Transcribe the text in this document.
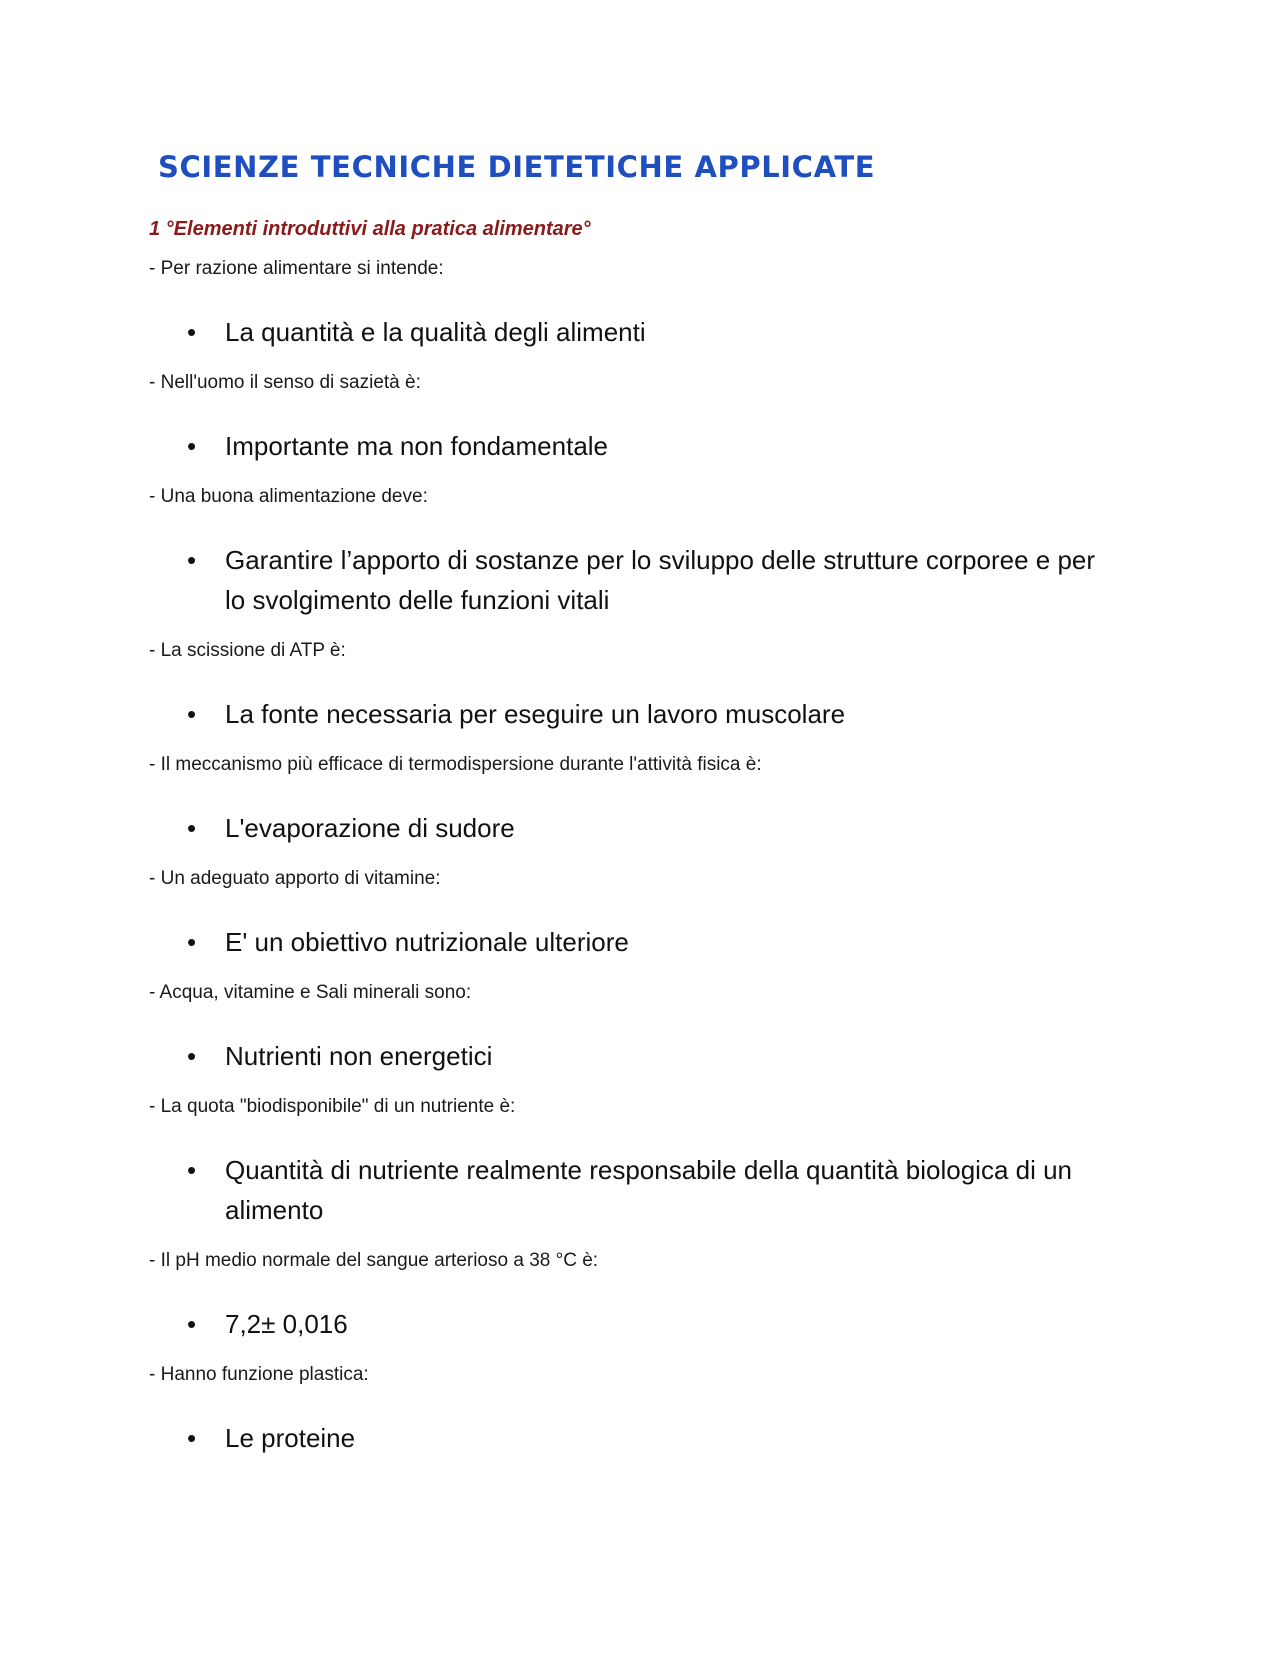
SCIENZE TECNICHE DIETETICHE APPLICATE
1 °Elementi introduttivi alla pratica alimentare°

- Per razione alimentare si intende:

• La quantità e la qualità degli alimenti

- Nell'uomo il senso di sazietà è:

• Importante ma non fondamentale

- Una buona alimentazione deve:

• Garantire l’apporto di sostanze per lo sviluppo delle strutture corporee e per lo svolgimento delle funzioni vitali

- La scissione di ATP è:

• La fonte necessaria per eseguire un lavoro muscolare

- Il meccanismo più efficace di termodispersione durante l'attività fisica è:

• L'evaporazione di sudore

- Un adeguato apporto di vitamine:

• E' un obiettivo nutrizionale ulteriore

- Acqua, vitamine e Sali minerali sono:

• Nutrienti non energetici

- La quota "biodisponibile" di un nutriente è:

• Quantità di nutriente realmente responsabile della quantità biologica di un alimento

- Il pH medio normale del sangue arterioso a 38 °C è:

• 7,2± 0,016

- Hanno funzione plastica:

• Le proteine
